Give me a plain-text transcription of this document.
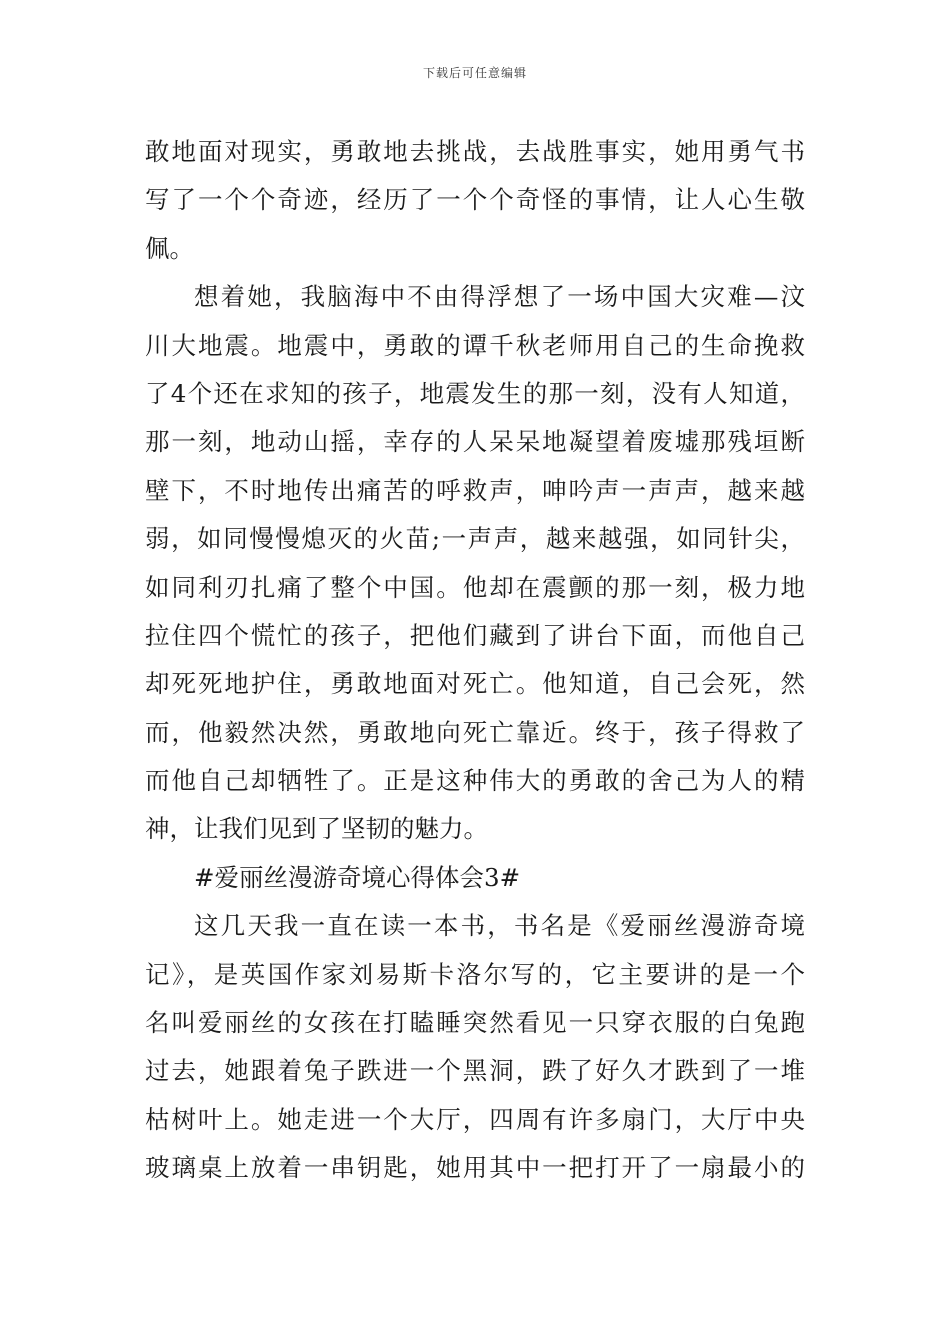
下载后可任意编辑
敢地面对现实，勇敢地去挑战，去战胜事实，她用勇气书
写了一个个奇迹，经历了一个个奇怪的事情，让人心生敬
佩。
想着她，我脑海中不由得浮想了一场中国大灾难—汶
川大地震。地震中，勇敢的谭千秋老师用自己的生命挽救
了4个还在求知的孩子，地震发生的那一刻，没有人知道，
那一刻，地动山摇，幸存的人呆呆地凝望着废墟那残垣断
壁下，不时地传出痛苦的呼救声，呻吟声一声声，越来越
弱，如同慢慢熄灭的火苗;一声声，越来越强，如同针尖，
如同利刃扎痛了整个中国。他却在震颤的那一刻，极力地
拉住四个慌忙的孩子，把他们藏到了讲台下面，而他自己
却死死地护住，勇敢地面对死亡。他知道，自己会死，然
而，他毅然决然，勇敢地向死亡靠近。终于，孩子得救了
而他自己却牺牲了。正是这种伟大的勇敢的舍己为人的精
神，让我们见到了坚韧的魅力。
#爱丽丝漫游奇境心得体会3#
这几天我一直在读一本书，书名是《爱丽丝漫游奇境
记》，是英国作家刘易斯卡洛尔写的，它主要讲的是一个
名叫爱丽丝的女孩在打瞌睡突然看见一只穿衣服的白兔跑
过去，她跟着兔子跌进一个黑洞，跌了好久才跌到了一堆
枯树叶上。她走进一个大厅，四周有许多扇门，大厅中央
玻璃桌上放着一串钥匙，她用其中一把打开了一扇最小的
